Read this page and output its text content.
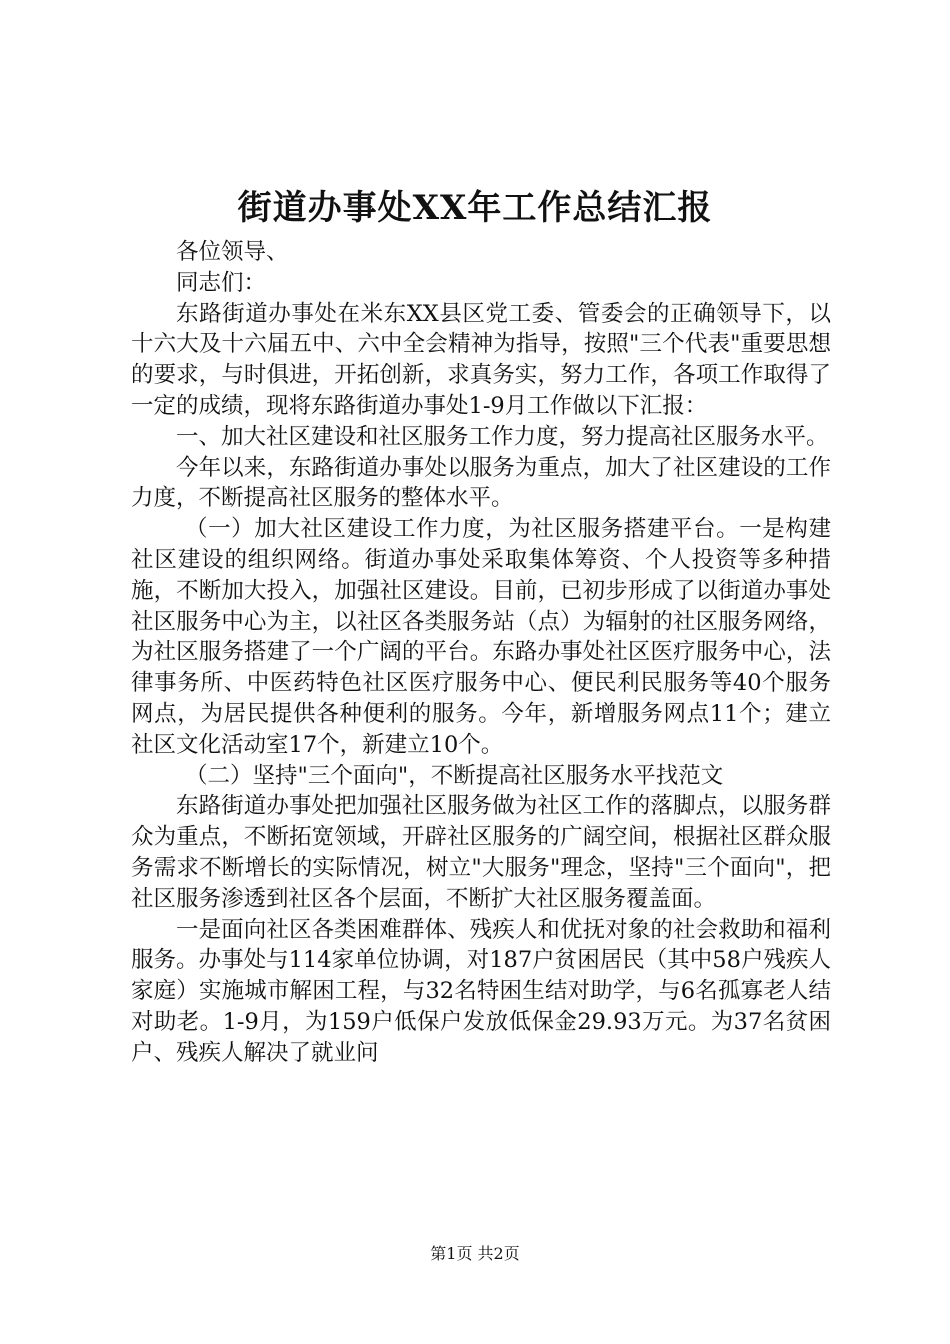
街道办事处XX年工作总结汇报

各位领导、

同志们：

东路街道办事处在米东XX县区党工委、管委会的正确领导下，以十六大及十六届五中、六中全会精神为指导，按照"三个代表"重要思想的要求，与时俱进，开拓创新，求真务实，努力工作，各项工作取得了一定的成绩，现将东路街道办事处1-9月工作做以下汇报：

一、加大社区建设和社区服务工作力度，努力提高社区服务水平。

今年以来，东路街道办事处以服务为重点，加大了社区建设的工作力度，不断提高社区服务的整体水平。

（一）加大社区建设工作力度，为社区服务搭建平台。一是构建社区建设的组织网络。街道办事处采取集体筹资、个人投资等多种措施，不断加大投入，加强社区建设。目前，已初步形成了以街道办事处社区服务中心为主，以社区各类服务站（点）为辐射的社区服务网络，为社区服务搭建了一个广阔的平台。东路办事处社区医疗服务中心，法律事务所、中医药特色社区医疗服务中心、便民利民服务等40个服务网点，为居民提供各种便利的服务。今年，新增服务网点11个；建立社区文化活动室17个，新建立10个。

（二）坚持"三个面向"，不断提高社区服务水平找范文

东路街道办事处把加强社区服务做为社区工作的落脚点，以服务群众为重点，不断拓宽领域，开辟社区服务的广阔空间，根据社区群众服务需求不断增长的实际情况，树立"大服务"理念，坚持"三个面向"，把社区服务渗透到社区各个层面，不断扩大社区服务覆盖面。

一是面向社区各类困难群体、残疾人和优抚对象的社会救助和福利服务。办事处与114家单位协调，对187户贫困居民（其中58户残疾人家庭）实施城市解困工程，与32名特困生结对助学，与6名孤寡老人结对助老。1-9月，为159户低保户发放低保金29.93万元。为37名贫困户、残疾人解决了就业问

第1页 共2页
